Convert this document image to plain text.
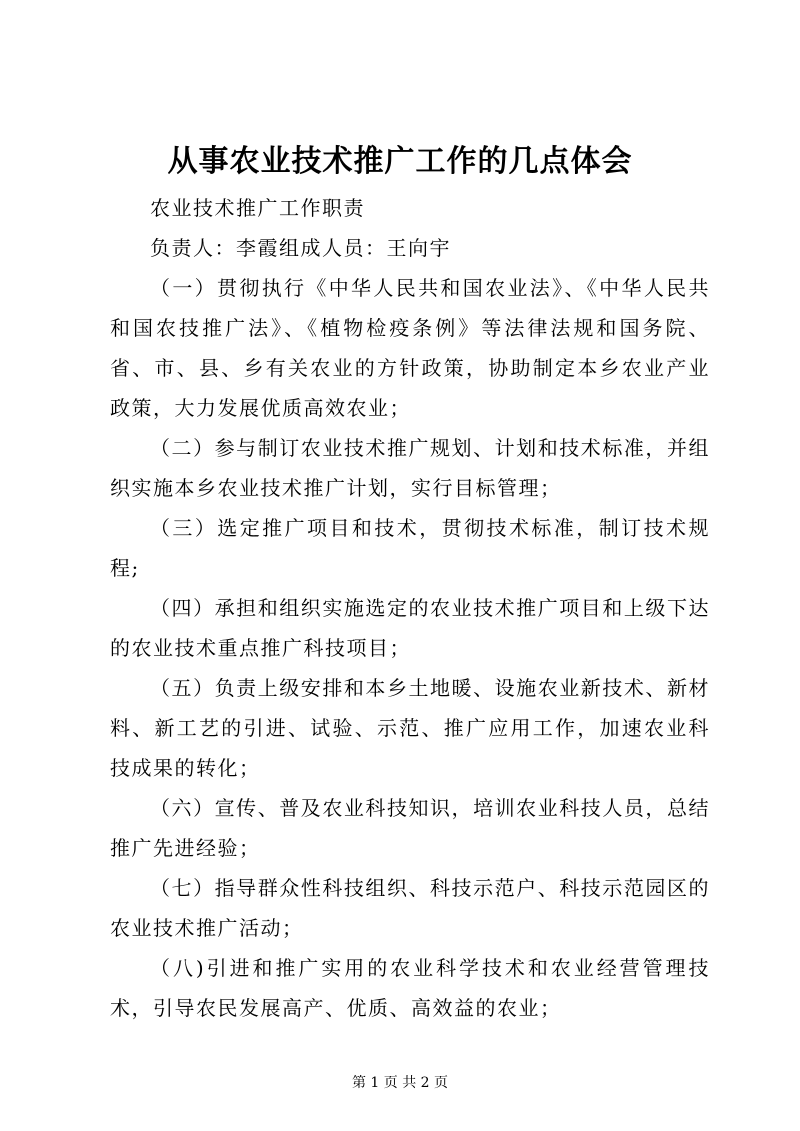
从事农业技术推广工作的几点体会

农业技术推广工作职责

负责人：李霞组成人员：王向宇

（一）贯彻执行《中华人民共和国农业法》、《中华人民共和国农技推广法》、《植物检疫条例》等法律法规和国务院、省、市、县、乡有关农业的方针政策，协助制定本乡农业产业政策，大力发展优质高效农业；

（二）参与制订农业技术推广规划、计划和技术标准，并组织实施本乡农业技术推广计划，实行目标管理；

（三）选定推广项目和技术，贯彻技术标准，制订技术规程;

（四）承担和组织实施选定的农业技术推广项目和上级下达的农业技术重点推广科技项目；

（五）负责上级安排和本乡土地暖、设施农业新技术、新材料、新工艺的引进、试验、示范、推广应用工作，加速农业科技成果的转化；

（六）宣传、普及农业科技知识，培训农业科技人员，总结推广先进经验；

（七）指导群众性科技组织、科技示范户、科技示范园区的农业技术推广活动；

（八)引进和推广实用的农业科学技术和农业经营管理技术，引导农民发展高产、优质、高效益的农业；

第 1 页 共 2 页
